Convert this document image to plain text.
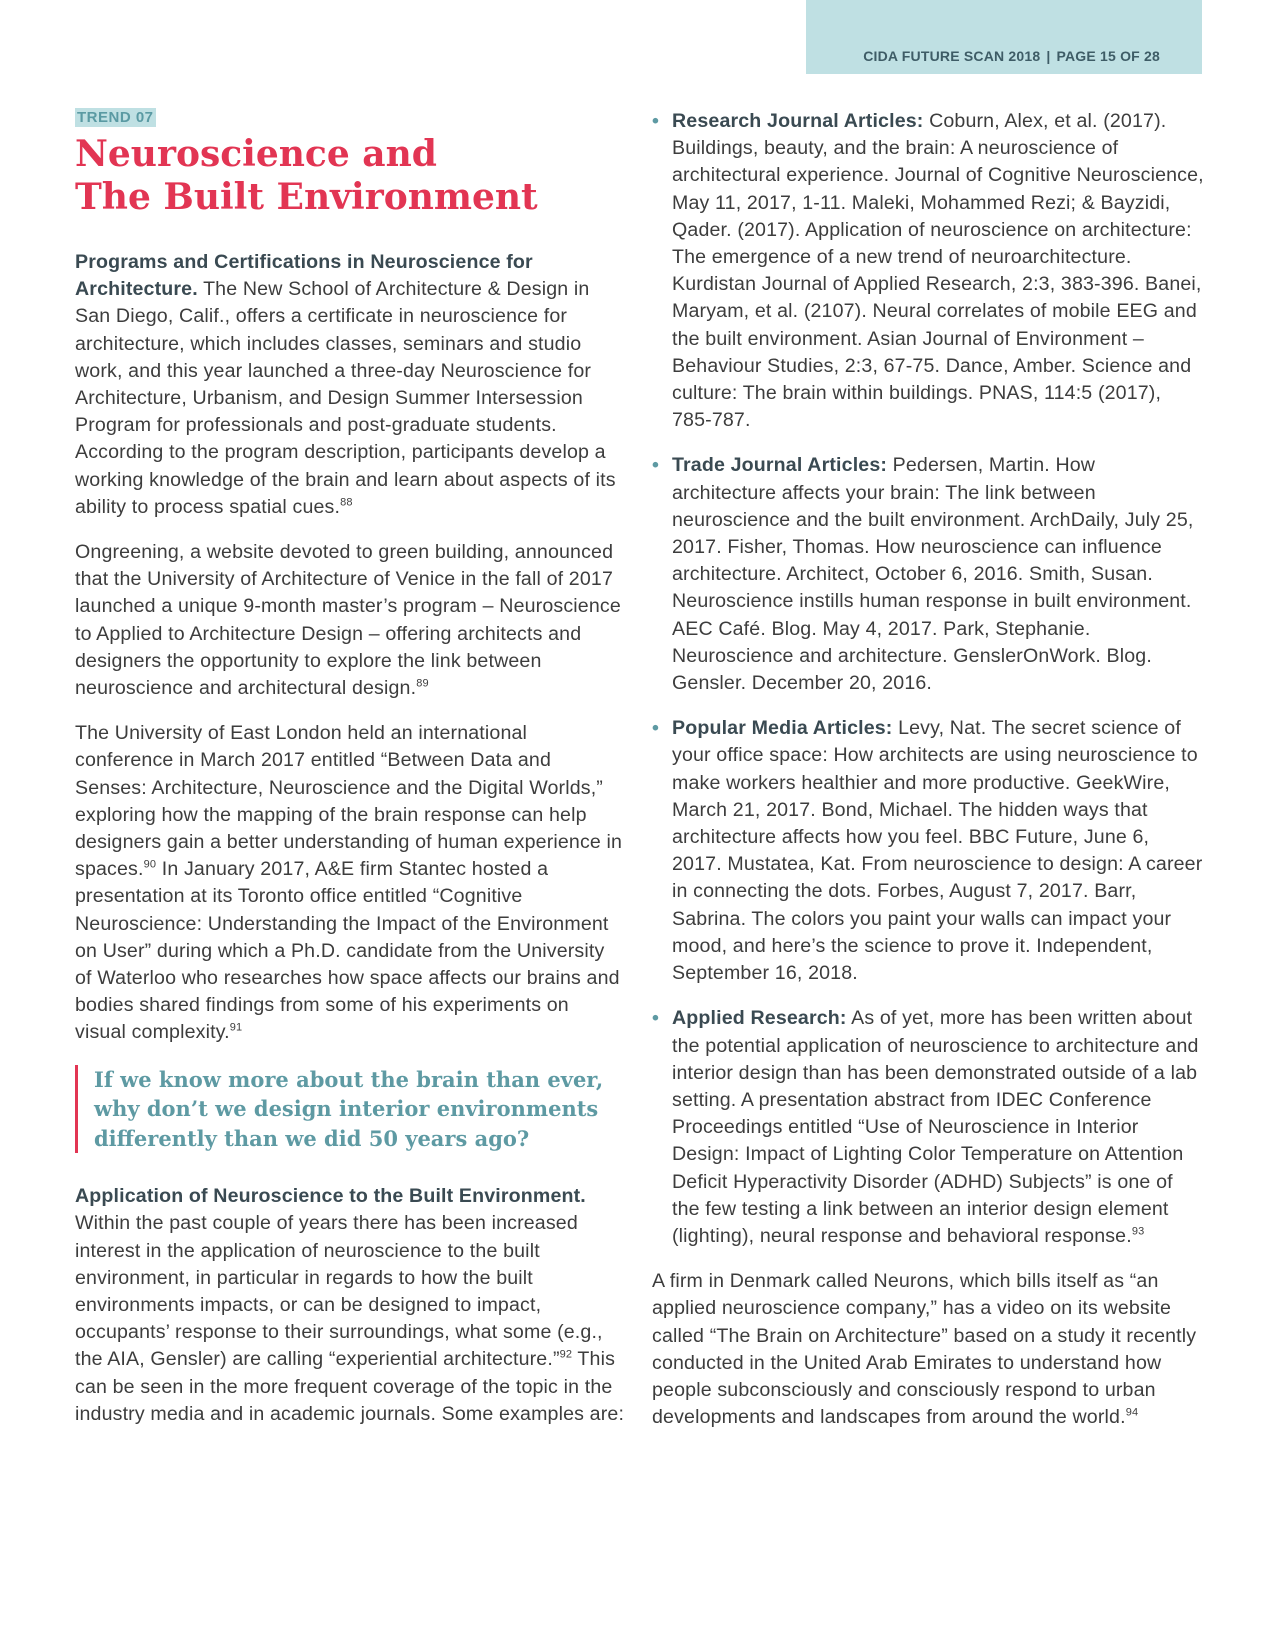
CIDA FUTURE SCAN 2018 | PAGE 15 OF 28
TREND 07
Neuroscience and
The Built Environment

Programs and Certifications in Neuroscience for Architecture. The New School of Architecture & Design in San Diego, Calif., offers a certificate in neuroscience for architecture, which includes classes, seminars and studio work, and this year launched a three-day Neuroscience for Architecture, Urbanism, and Design Summer Intersession Program for professionals and post-graduate students. According to the program description, participants develop a working knowledge of the brain and learn about aspects of its ability to process spatial cues.$^{88}$

Ongreening, a website devoted to green building, announced that the University of Architecture of Venice in the fall of 2017 launched a unique 9-month master’s program – Neuroscience to Applied to Architecture Design – offering architects and designers the opportunity to explore the link between neuroscience and architectural design.$^{89}$

The University of East London held an international conference in March 2017 entitled “Between Data and Senses: Architecture, Neuroscience and the Digital Worlds,” exploring how the mapping of the brain response can help designers gain a better understanding of human experience in spaces.$^{90}$ In January 2017, A&E firm Stantec hosted a presentation at its Toronto office entitled “Cognitive Neuroscience: Understanding the Impact of the Environment on User” during which a Ph.D. candidate from the University of Waterloo who researches how space affects our brains and bodies shared findings from some of his experiments on visual complexity.$^{91}$

If we know more about the brain than ever,
why don’t we design interior environments
differently than we did 50 years ago?

Application of Neuroscience to the Built Environment. Within the past couple of years there has been increased interest in the application of neuroscience to the built environment, in particular in regards to how the built environments impacts, or can be designed to impact, occupants’ response to their surroundings, what some (e.g., the AIA, Gensler) are calling “experiential architecture.”$^{92}$ This can be seen in the more frequent coverage of the topic in the industry media and in academic journals. Some examples are:

• Research Journal Articles: Coburn, Alex, et al. (2017). Buildings, beauty, and the brain: A neuroscience of architectural experience. Journal of Cognitive Neuroscience, May 11, 2017, 1-11. Maleki, Mohammed Rezi; & Bayzidi, Qader. (2017). Application of neuroscience on architecture: The emergence of a new trend of neuroarchitecture. Kurdistan Journal of Applied Research, 2:3, 383-396. Banei, Maryam, et al. (2107). Neural correlates of mobile EEG and the built environment. Asian Journal of Environment – Behaviour Studies, 2:3, 67-75. Dance, Amber. Science and culture: The brain within buildings. PNAS, 114:5 (2017), 785-787.
• Trade Journal Articles: Pedersen, Martin. How architecture affects your brain: The link between neuroscience and the built environment. ArchDaily, July 25, 2017. Fisher, Thomas. How neuroscience can influence architecture. Architect, October 6, 2016. Smith, Susan. Neuroscience instills human response in built environment. AEC Café. Blog. May 4, 2017. Park, Stephanie. Neuroscience and architecture. GenslerOnWork. Blog. Gensler. December 20, 2016.
• Popular Media Articles: Levy, Nat. The secret science of your office space: How architects are using neuroscience to make workers healthier and more productive. GeekWire, March 21, 2017. Bond, Michael. The hidden ways that architecture affects how you feel. BBC Future, June 6, 2017. Mustatea, Kat. From neuroscience to design: A career in connecting the dots. Forbes, August 7, 2017. Barr, Sabrina. The colors you paint your walls can impact your mood, and here’s the science to prove it. Independent, September 16, 2018.
• Applied Research: As of yet, more has been written about the potential application of neuroscience to architecture and interior design than has been demonstrated outside of a lab setting. A presentation abstract from IDEC Conference Proceedings entitled “Use of Neuroscience in Interior Design: Impact of Lighting Color Temperature on Attention Deficit Hyperactivity Disorder (ADHD) Subjects” is one of the few testing a link between an interior design element (lighting), neural response and behavioral response.$^{93}$

A firm in Denmark called Neurons, which bills itself as “an applied neuroscience company,” has a video on its website called “The Brain on Architecture” based on a study it recently conducted in the United Arab Emirates to understand how people subconsciously and consciously respond to urban developments and landscapes from around the world.$^{94}$
